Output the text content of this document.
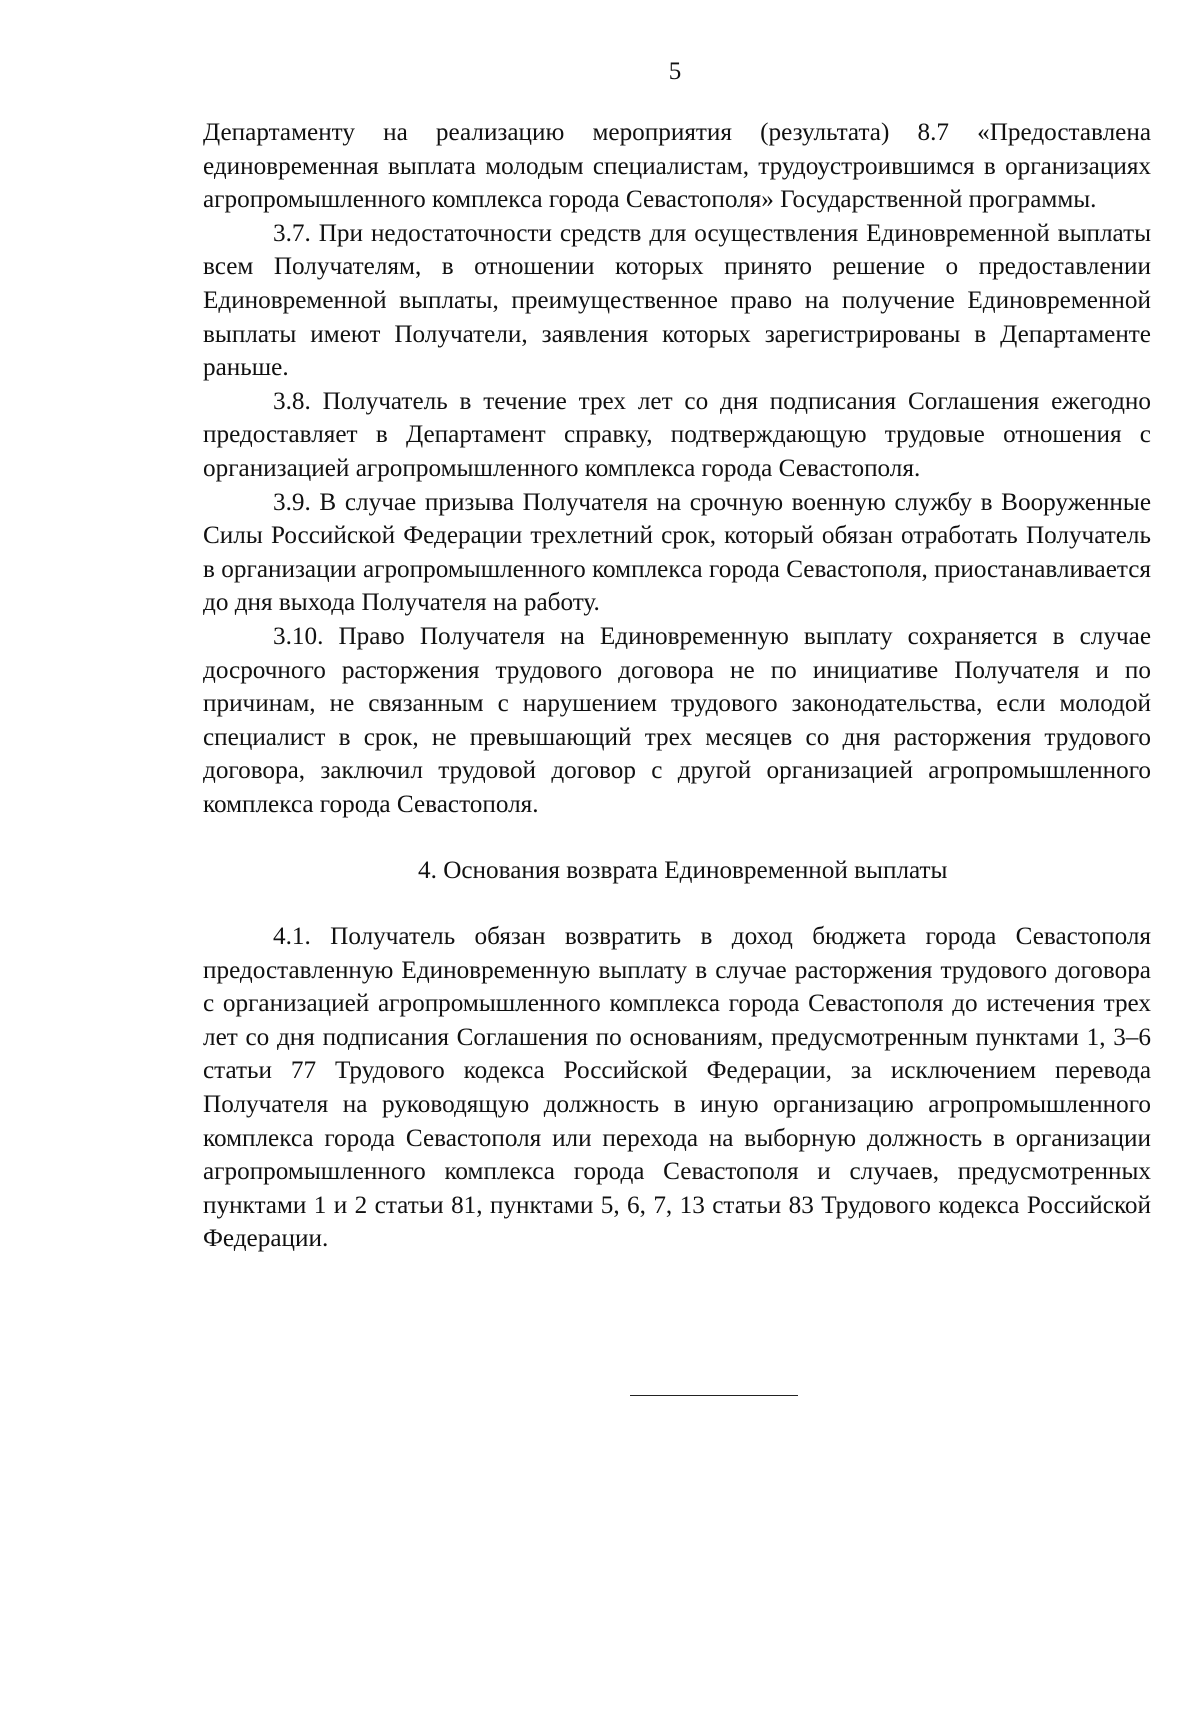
5

Департаменту на реализацию мероприятия (результата) 8.7 «Предоставлена единовременная выплата молодым специалистам, трудоустроившимся в организациях агропромышленного комплекса города Севастополя» Государственной программы.

3.7. При недостаточности средств для осуществления Единовременной выплаты всем Получателям, в отношении которых принято решение о предоставлении Единовременной выплаты, преимущественное право на получение Единовременной выплаты имеют Получатели, заявления которых зарегистрированы в Департаменте раньше.

3.8. Получатель в течение трех лет со дня подписания Соглашения ежегодно предоставляет в Департамент справку, подтверждающую трудовые отношения с организацией агропромышленного комплекса города Севастополя.

3.9. В случае призыва Получателя на срочную военную службу в Вооруженные Силы Российской Федерации трехлетний срок, который обязан отработать Получатель в организации агропромышленного комплекса города Севастополя, приостанавливается до дня выхода Получателя на работу.

3.10. Право Получателя на Единовременную выплату сохраняется в случае досрочного расторжения трудового договора не по инициативе Получателя и по причинам, не связанным с нарушением трудового законодательства, если молодой специалист в срок, не превышающий трех месяцев со дня расторжения трудового договора, заключил трудовой договор с другой организацией агропромышленного комплекса города Севастополя.

4. Основания возврата Единовременной выплаты

4.1. Получатель обязан возвратить в доход бюджета города Севастополя предоставленную Единовременную выплату в случае расторжения трудового договора с организацией агропромышленного комплекса города Севастополя до истечения трех лет со дня подписания Соглашения по основаниям, предусмотренным пунктами 1, 3–6 статьи 77 Трудового кодекса Российской Федерации, за исключением перевода Получателя на руководящую должность в иную организацию агропромышленного комплекса города Севастополя или перехода на выборную должность в организации агропромышленного комплекса города Севастополя и случаев, предусмотренных пунктами 1 и 2 статьи 81, пунктами 5, 6, 7, 13 статьи 83 Трудового кодекса Российской Федерации.
